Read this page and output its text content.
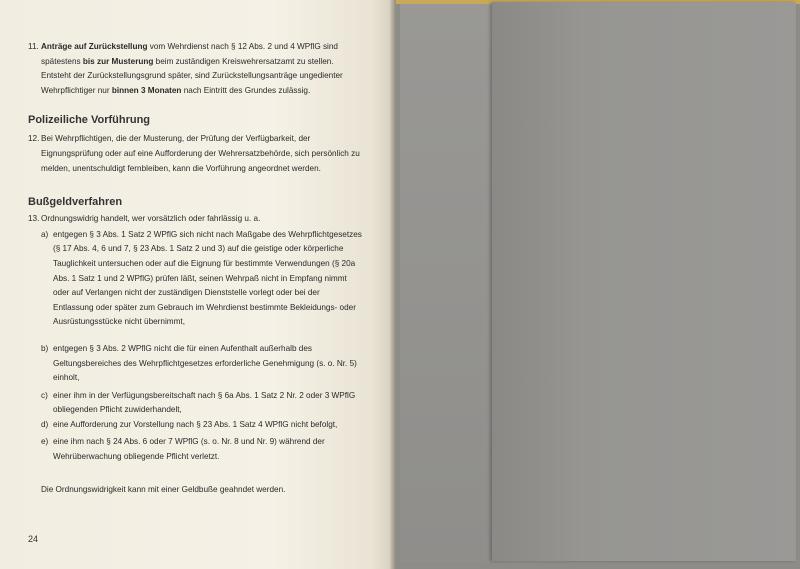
11. Anträge auf Zurückstellung vom Wehrdienst nach § 12 Abs. 2 und 4 WPflG sind spätestens bis zur Musterung beim zuständigen Kreiswehrersatzamt zu stellen. Entsteht der Zurückstellungsgrund später, sind Zurückstellungsanträge ungedienter Wehrpflichtiger nur binnen 3 Monaten nach Eintritt des Grundes zulässig.
Polizeiliche Vorführung
12. Bei Wehrpflichtigen, die der Musterung, der Prüfung der Verfügbarkeit, der Eignungsprüfung oder auf eine Aufforderung der Wehrersatzbehörde, sich persönlich zu melden, unentschuldigt fernbleiben, kann die Vorführung angeordnet werden.
Bußgeldverfahren
13. Ordnungswidrig handelt, wer vorsätzlich oder fahrlässig u. a.
a) entgegen § 3 Abs. 1 Satz 2 WPflG sich nicht nach Maßgabe des Wehrpflichtgesetzes (§ 17 Abs. 4, 6 und 7, § 23 Abs. 1 Satz 2 und 3) auf die geistige oder körperliche Tauglichkeit untersuchen oder auf die Eignung für bestimmte Verwendungen (§ 20a Abs. 1 Satz 1 und 2 WPflG) prüfen läßt, seinen Wehrpaß nicht in Empfang nimmt oder auf Verlangen nicht der zuständigen Dienststelle vorlegt oder bei der Entlassung oder später zum Gebrauch im Wehrdienst bestimmte Bekleidungs- oder Ausrüstungsstücke nicht übernimmt,
b) entgegen § 3 Abs. 2 WPflG nicht die für einen Aufenthalt außerhalb des Geltungsbereiches des Wehrpflichtgesetzes erforderliche Genehmigung (s. o. Nr. 5) einholt,
c) einer ihm in der Verfügungsbereitschaft nach § 6a Abs. 1 Satz 2 Nr. 2 oder 3 WPflG obliegenden Pflicht zuwiderhandelt,
d) eine Aufforderung zur Vorstellung nach § 23 Abs. 1 Satz 4 WPflG nicht befolgt,
e) eine ihm nach § 24 Abs. 6 oder 7 WPflG (s. o. Nr. 8 und Nr. 9) während der Wehrüberwachung obliegende Pflicht verletzt.

Die Ordnungswidrigkeit kann mit einer Geldbuße geahndet werden.

24
